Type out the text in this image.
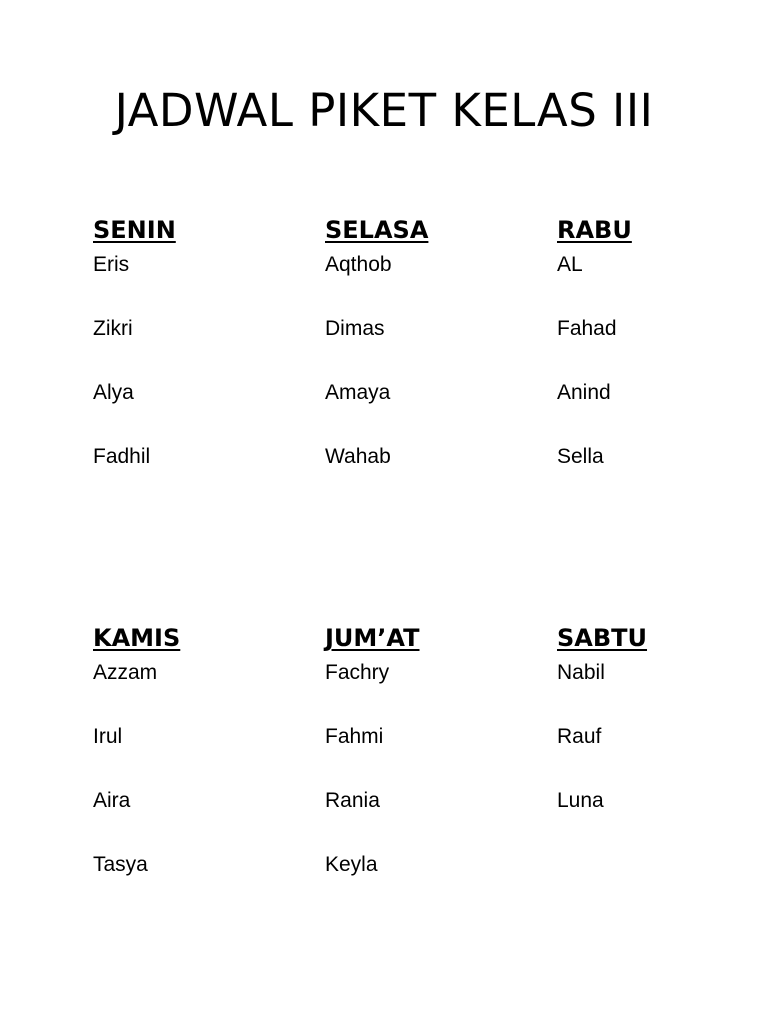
JADWAL PIKET KELAS III
SENIN
Eris
Zikri
Alya
Fadhil
SELASA
Aqthob
Dimas
Amaya
Wahab
RABU
AL
Fahad
Anind
Sella
KAMIS
Azzam
Irul
Aira
Tasya
JUM’AT
Fachry
Fahmi
Rania
Keyla
SABTU
Nabil
Rauf
Luna
